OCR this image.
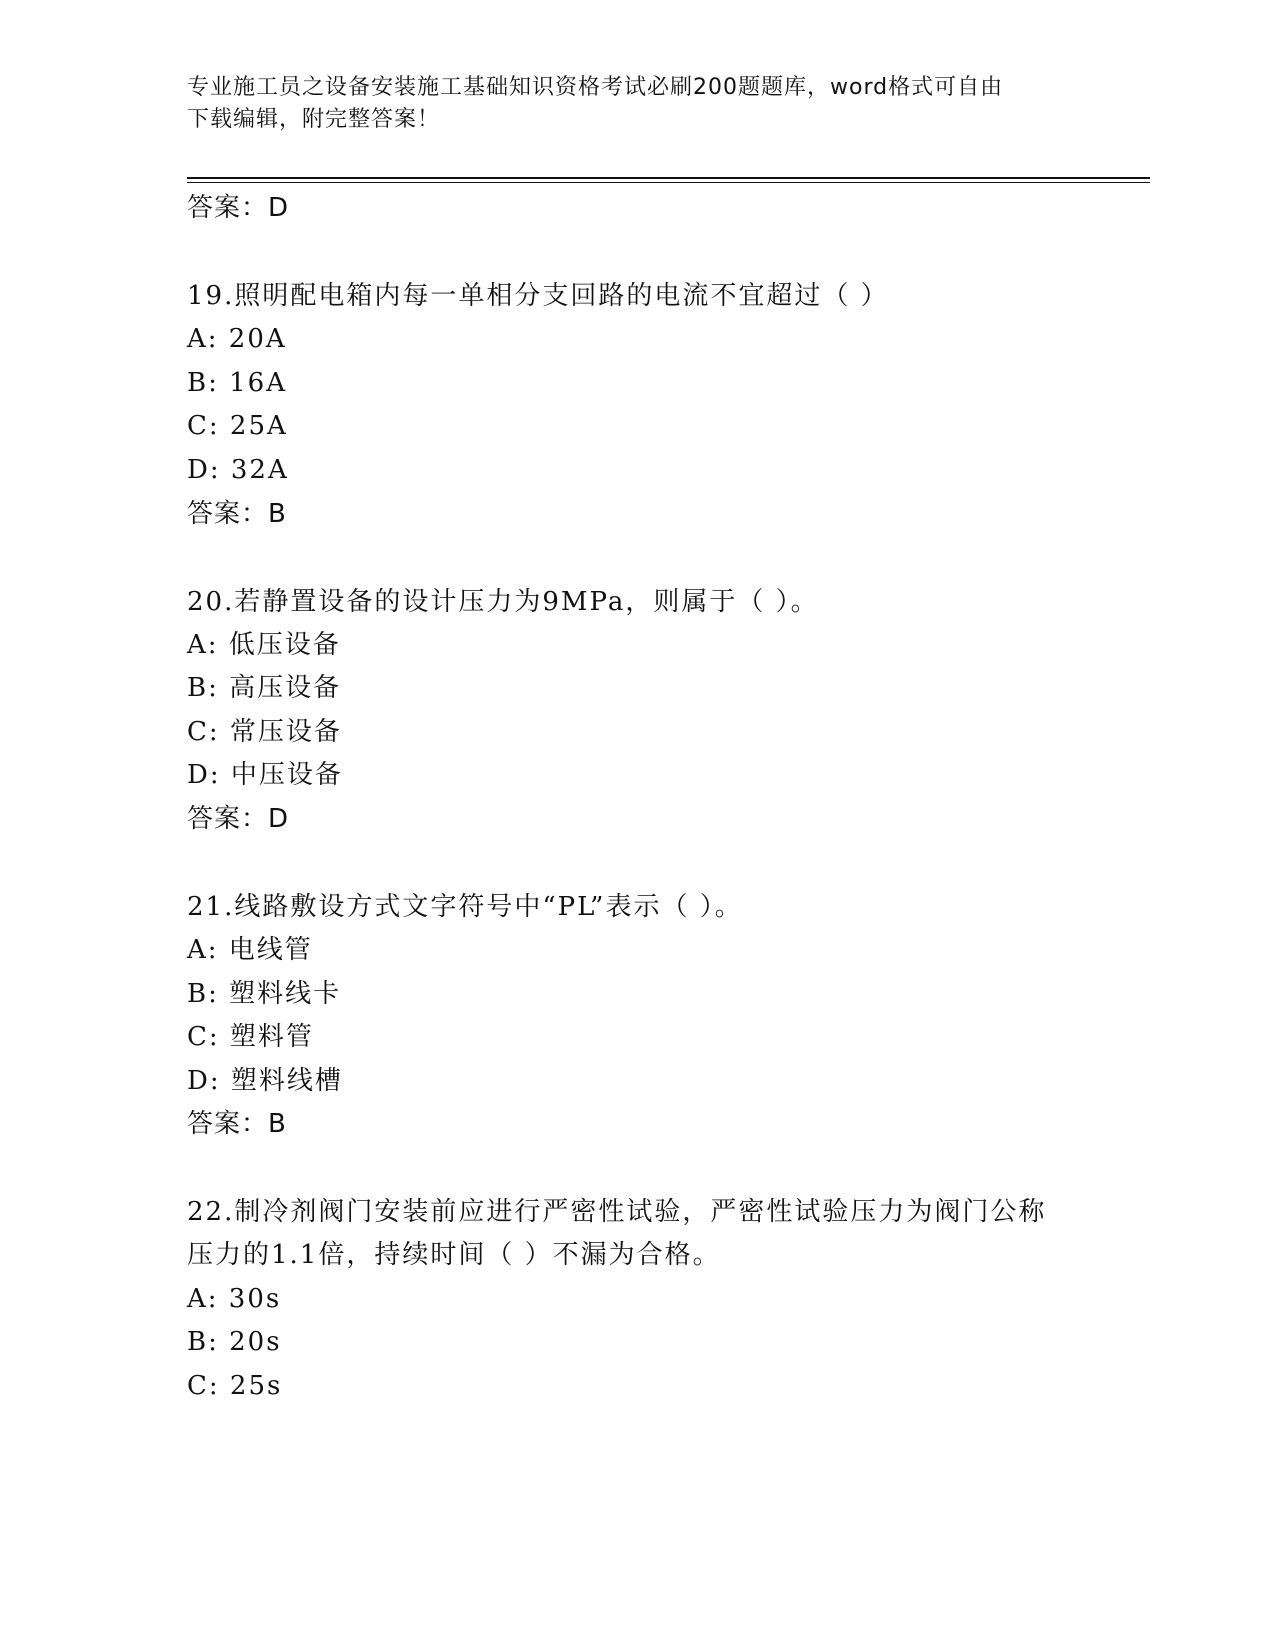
专业施工员之设备安装施工基础知识资格考试必刷200题题库，word格式可自由
下载编辑，附完整答案！
答案：D
19.照明配电箱内每一单相分支回路的电流不宜超过（ ）
A: 20A
B: 16A
C: 25A
D: 32A
答案：B
20.若静置设备的设计压力为9MPa，则属于（ ）。
A: 低压设备
B: 高压设备
C: 常压设备
D: 中压设备
答案：D
21.线路敷设方式文字符号中“PL”表示（ ）。
A: 电线管
B: 塑料线卡
C: 塑料管
D: 塑料线槽
答案：B
22.制冷剂阀门安装前应进行严密性试验，严密性试验压力为阀门公称
压力的1.1倍，持续时间（ ）不漏为合格。
A: 30s
B: 20s
C: 25s
